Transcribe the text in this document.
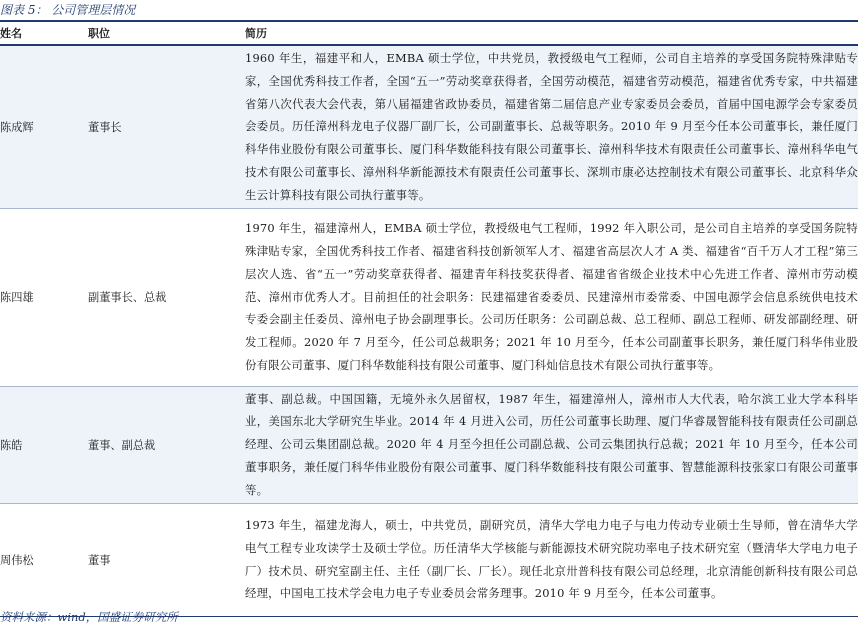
图表 5： 公司管理层情况
姓名	职位	简历
陈成辉	董事长	1960 年生，福建平和人，EMBA 硕士学位，中共党员，教授级电气工程师，公司自主培养的享受国务院特殊津贴专家，全国优秀科技工作者，全国“五一”劳动奖章获得者，全国劳动模范，福建省劳动模范，福建省优秀专家，中共福建省第八次代表大会代表，第八届福建省政协委员，福建省第二届信息产业专家委员会委员，首届中国电源学会专家委员会委员。历任漳州科龙电子仪器厂副厂长，公司副董事长、总裁等职务。2010 年 9 月至今任本公司董事长，兼任厦门科华伟业股份有限公司董事长、厦门科华数能科技有限公司董事长、漳州科华技术有限责任公司董事长、漳州科华电气技术有限公司董事长、漳州科华新能源技术有限责任公司董事长、深圳市康必达控制技术有限公司董事长、北京科华众生云计算科技有限公司执行董事等。
陈四雄	副董事长、总裁	1970 年生，福建漳州人，EMBA 硕士学位，教授级电气工程师，1992 年入职公司，是公司自主培养的享受国务院特殊津贴专家，全国优秀科技工作者、福建省科技创新领军人才、福建省高层次人才 A 类、福建省“百千万人才工程”第三层次人选、省“五一”劳动奖章获得者、福建青年科技奖获得者、福建省省级企业技术中心先进工作者、漳州市劳动模范、漳州市优秀人才。目前担任的社会职务：民建福建省委委员、民建漳州市委常委、中国电源学会信息系统供电技术专委会副主任委员、漳州电子协会副理事长。公司历任职务：公司副总裁、总工程师、副总工程师、研发部副经理、研发工程师。2020 年 7 月至今，任公司总裁职务；2021 年 10 月至今，任本公司副董事长职务，兼任厦门科华伟业股份有限公司董事、厦门科华数能科技有限公司董事、厦门科灿信息技术有限公司执行董事等。
陈皓	董事、副总裁	董事、副总裁。中国国籍，无境外永久居留权，1987 年生，福建漳州人，漳州市人大代表，哈尔滨工业大学本科毕业，美国东北大学研究生毕业。2014 年 4 月进入公司，历任公司董事长助理、厦门华睿晟智能科技有限责任公司副总经理、公司云集团副总裁。2020 年 4 月至今担任公司副总裁、公司云集团执行总裁；2021 年 10 月至今，任本公司董事职务，兼任厦门科华伟业股份有限公司董事、厦门科华数能科技有限公司董事、智慧能源科技张家口有限公司董事等。
周伟松	董事	1973 年生，福建龙海人，硕士，中共党员，副研究员，清华大学电力电子与电力传动专业硕士生导师，曾在清华大学电气工程专业攻读学士及硕士学位。历任清华大学核能与新能源技术研究院功率电子技术研究室（暨清华大学电力电子厂）技术员、研究室副主任、主任（副厂长、厂长）。现任北京卅普科技有限公司总经理，北京清能创新科技有限公司总经理，中国电工技术学会电力电子专业委员会常务理事。2010 年 9 月至今，任本公司董事。
资料来源：wind，国盛证券研究所
